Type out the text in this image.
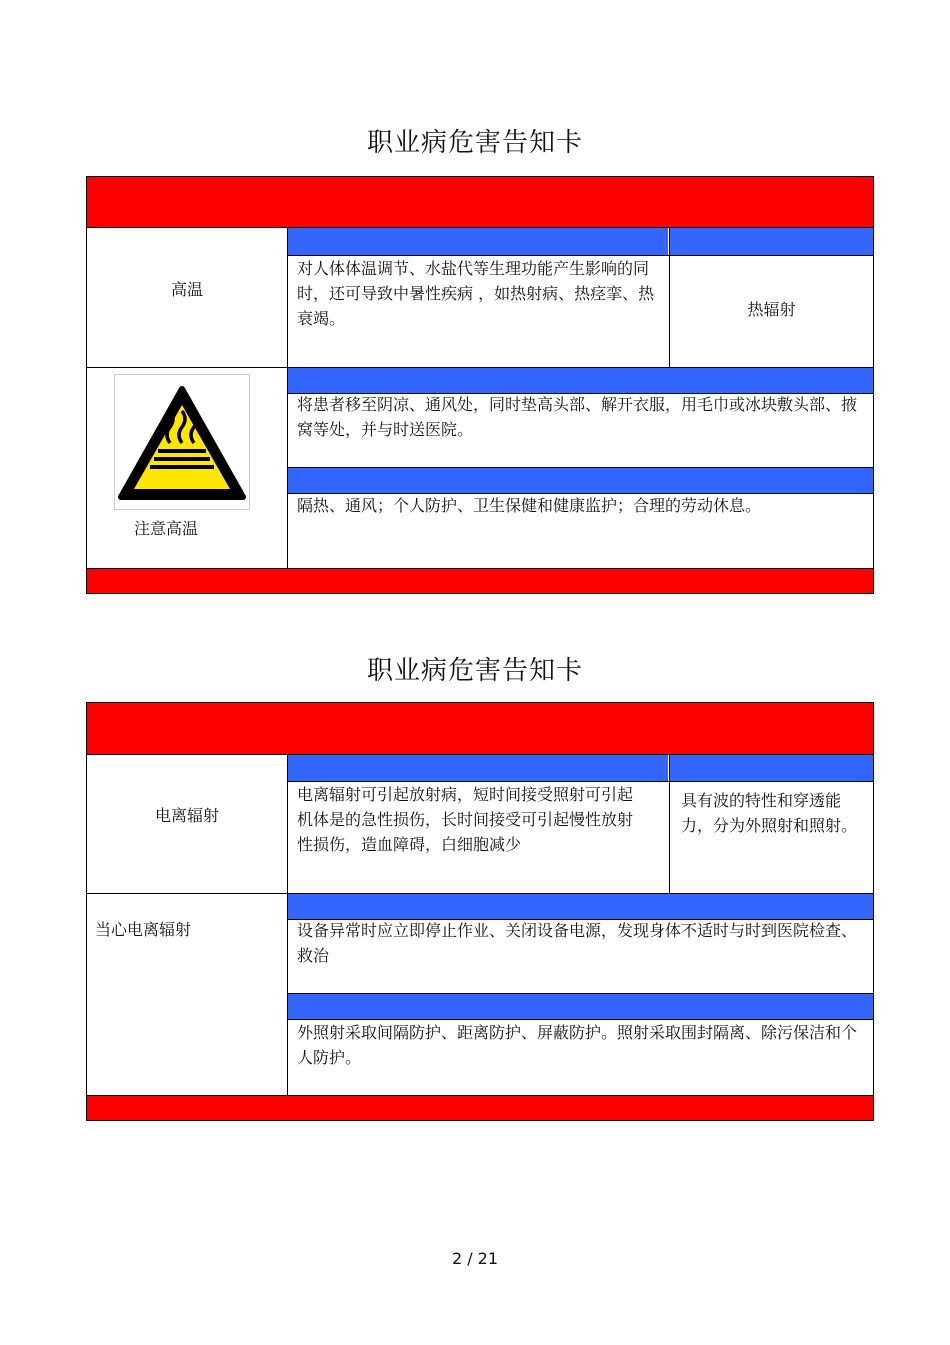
职业病危害告知卡
高温
对人体体温调节、水盐代等生理功能产生影响的同时，还可导致中暑性疾病 ，如热射病、热痉挛、热衰竭。	热辐射
注意高温
将患者移至阴凉、通风处，同时垫高头部、解开衣服，用毛巾或冰块敷头部、掖窝等处，并与时送医院。
隔热、通风；个人防护、卫生保健和健康监护；合理的劳动休息。
职业病危害告知卡
电离辐射
电离辐射可引起放射病，短时间接受照射可引起机体是的急性损伤，长时间接受可引起慢性放射性损伤，造血障碍，白细胞减少
具有波的特性和穿透能力，分为外照射和照射。
当心电离辐射	设备异常时应立即停止作业、关闭设备电源，发现身体不适时与时到医院检查、救治
外照射采取间隔防护、距离防护、屏蔽防护。照射采取围封隔离、除污保洁和个人防护。
2 / 21
